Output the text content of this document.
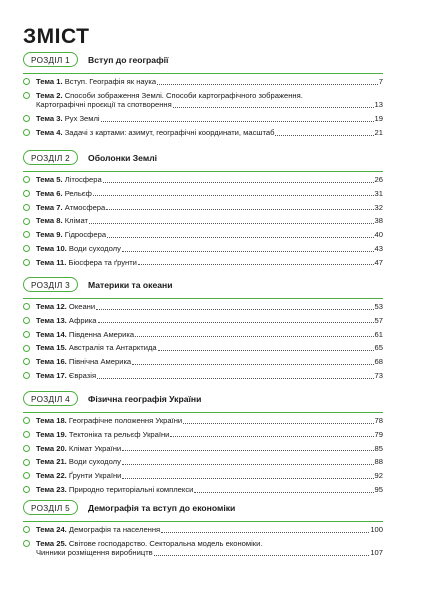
ЗМІСТ
РОЗДІЛ 1	Вступ до географії
Тема 1. Вступ. Географія як наука	7
Тема 2. Способи зображення Землі. Способи картографічного зображення.
Картографічні проєкції та спотворення	13
Тема 3. Рух Землі	19
Тема 4. Задачі з картами: азимут, географічні координати, масштаб	21
РОЗДІЛ 2	Оболонки Землі
Тема 5. Літосфера	26
Тема 6. Рельєф	31
Тема 7. Атмосфера	32
Тема 8. Клімат	38
Тема 9. Гідросфера	40
Тема 10. Води суходолу	43
Тема 11. Біосфера та ґрунти	47
РОЗДІЛ 3	Материки та океани
Тема 12. Океани	53
Тема 13. Африка	57
Тема 14. Південна Америка	61
Тема 15. Австралія та Антарктида	65
Тема 16. Північна Америка	68
Тема 17. Євразія	73
РОЗДІЛ 4	Фізична географія України
Тема 18. Географічне положення України	78
Тема 19. Тектоніка та рельєф України	79
Тема 20. Клімат України	85
Тема 21. Води суходолу	88
Тема 22. Ґрунти України	92
Тема 23. Природно територіальні комплекси	95
РОЗДІЛ 5	Демографія та вступ до економіки
Тема 24. Демографія та населення	100
Тема 25. Світове господарство. Секторальна модель економіки.
Чинники розміщення виробництв	107
